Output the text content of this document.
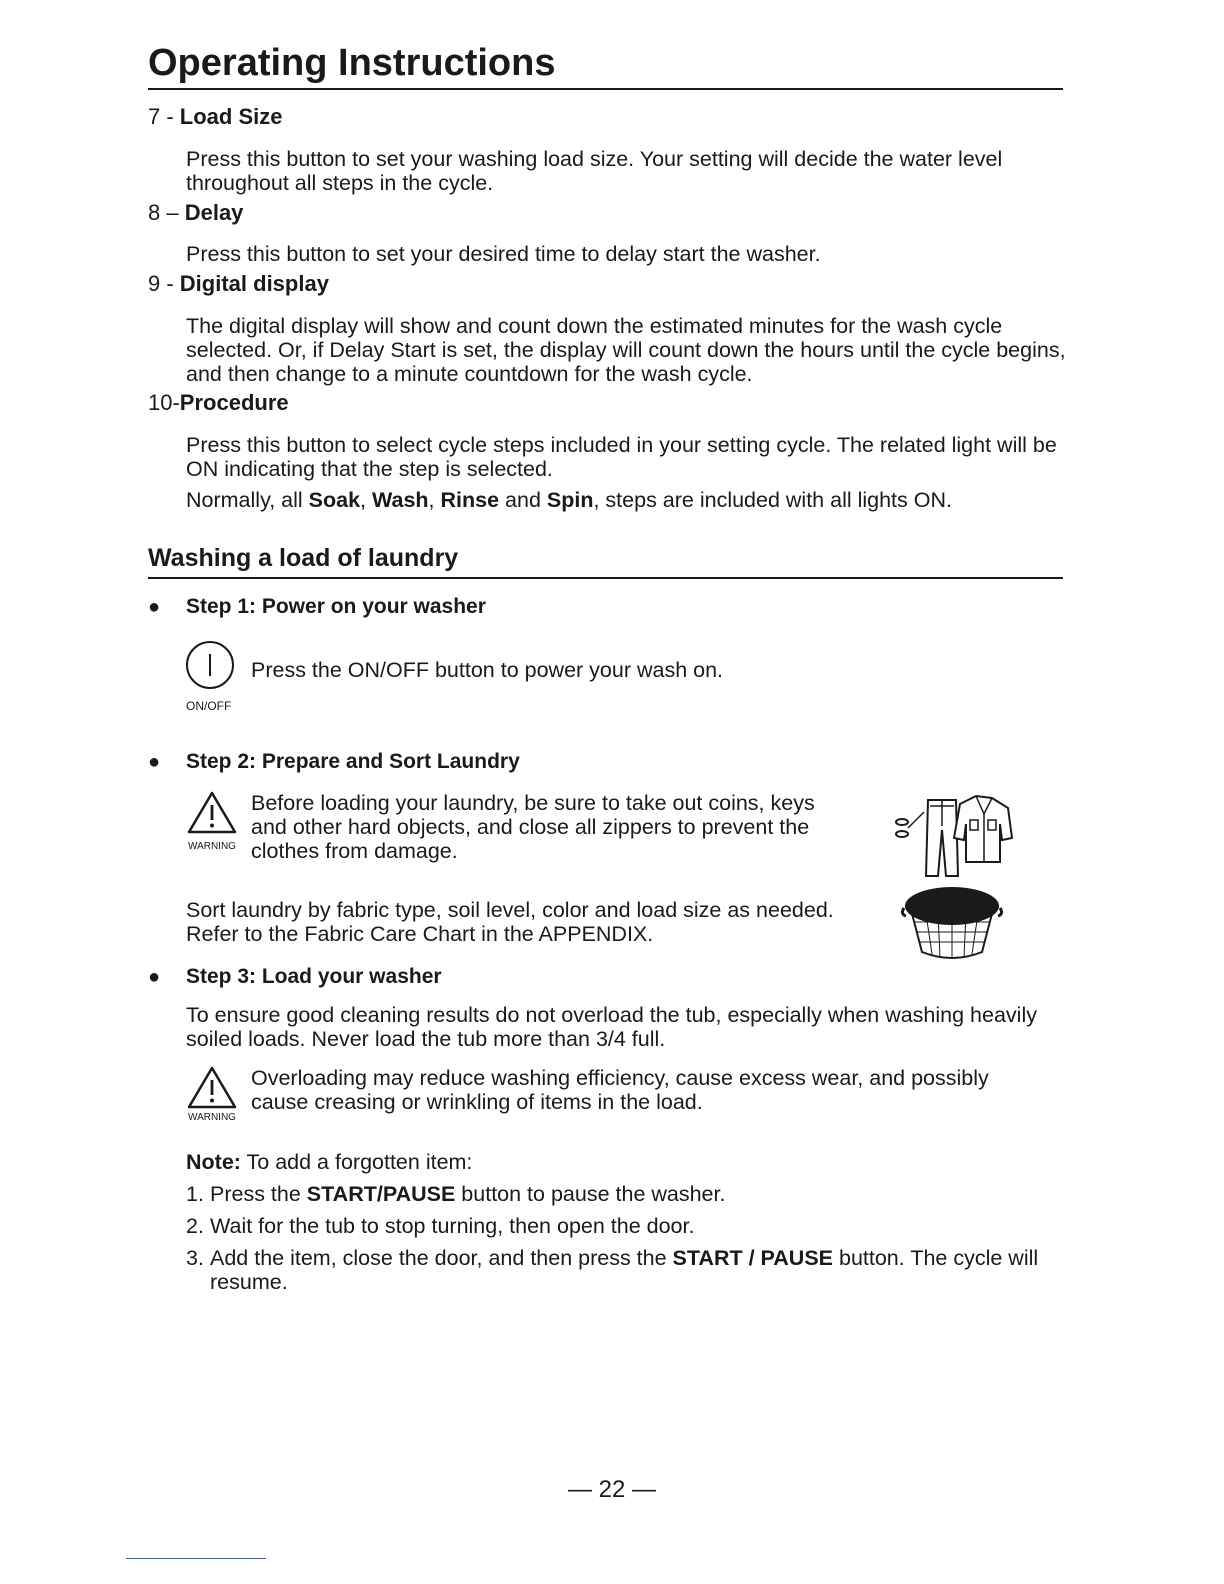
Operating Instructions
7 - Load Size
Press this button to set your washing load size. Your setting will decide the water level throughout all steps in the cycle.
8 – Delay
Press this button to set your desired time to delay start the washer.
9 - Digital display
The digital display will show and count down the estimated minutes for the wash cycle selected. Or, if Delay Start is set, the display will count down the hours until the cycle begins, and then change to a minute countdown for the wash cycle.
10-Procedure
Press this button to select cycle steps included in your setting cycle. The related light will be ON indicating that the step is selected.
Normally, all Soak, Wash, Rinse and Spin, steps are included with all lights ON.
Washing a load of laundry
● Step 1: Power on your washer
ON/OFF
Press the ON/OFF button to power your wash on.
● Step 2: Prepare and Sort Laundry
WARNING
Before loading your laundry, be sure to take out coins, keys and other hard objects, and close all zippers to prevent the clothes from damage.
Sort laundry by fabric type, soil level, color and load size as needed. Refer to the Fabric Care Chart in the APPENDIX.
● Step 3: Load your washer
To ensure good cleaning results do not overload the tub, especially when washing heavily soiled loads. Never load the tub more than 3/4 full.
WARNING
Overloading may reduce washing efficiency, cause excess wear, and possibly cause creasing or wrinkling of items in the load.
Note: To add a forgotten item:
1. Press the START/PAUSE button to pause the washer.
2. Wait for the tub to stop turning, then open the door.
3. Add the item, close the door, and then press the START / PAUSE button. The cycle will resume.
— 22 —
